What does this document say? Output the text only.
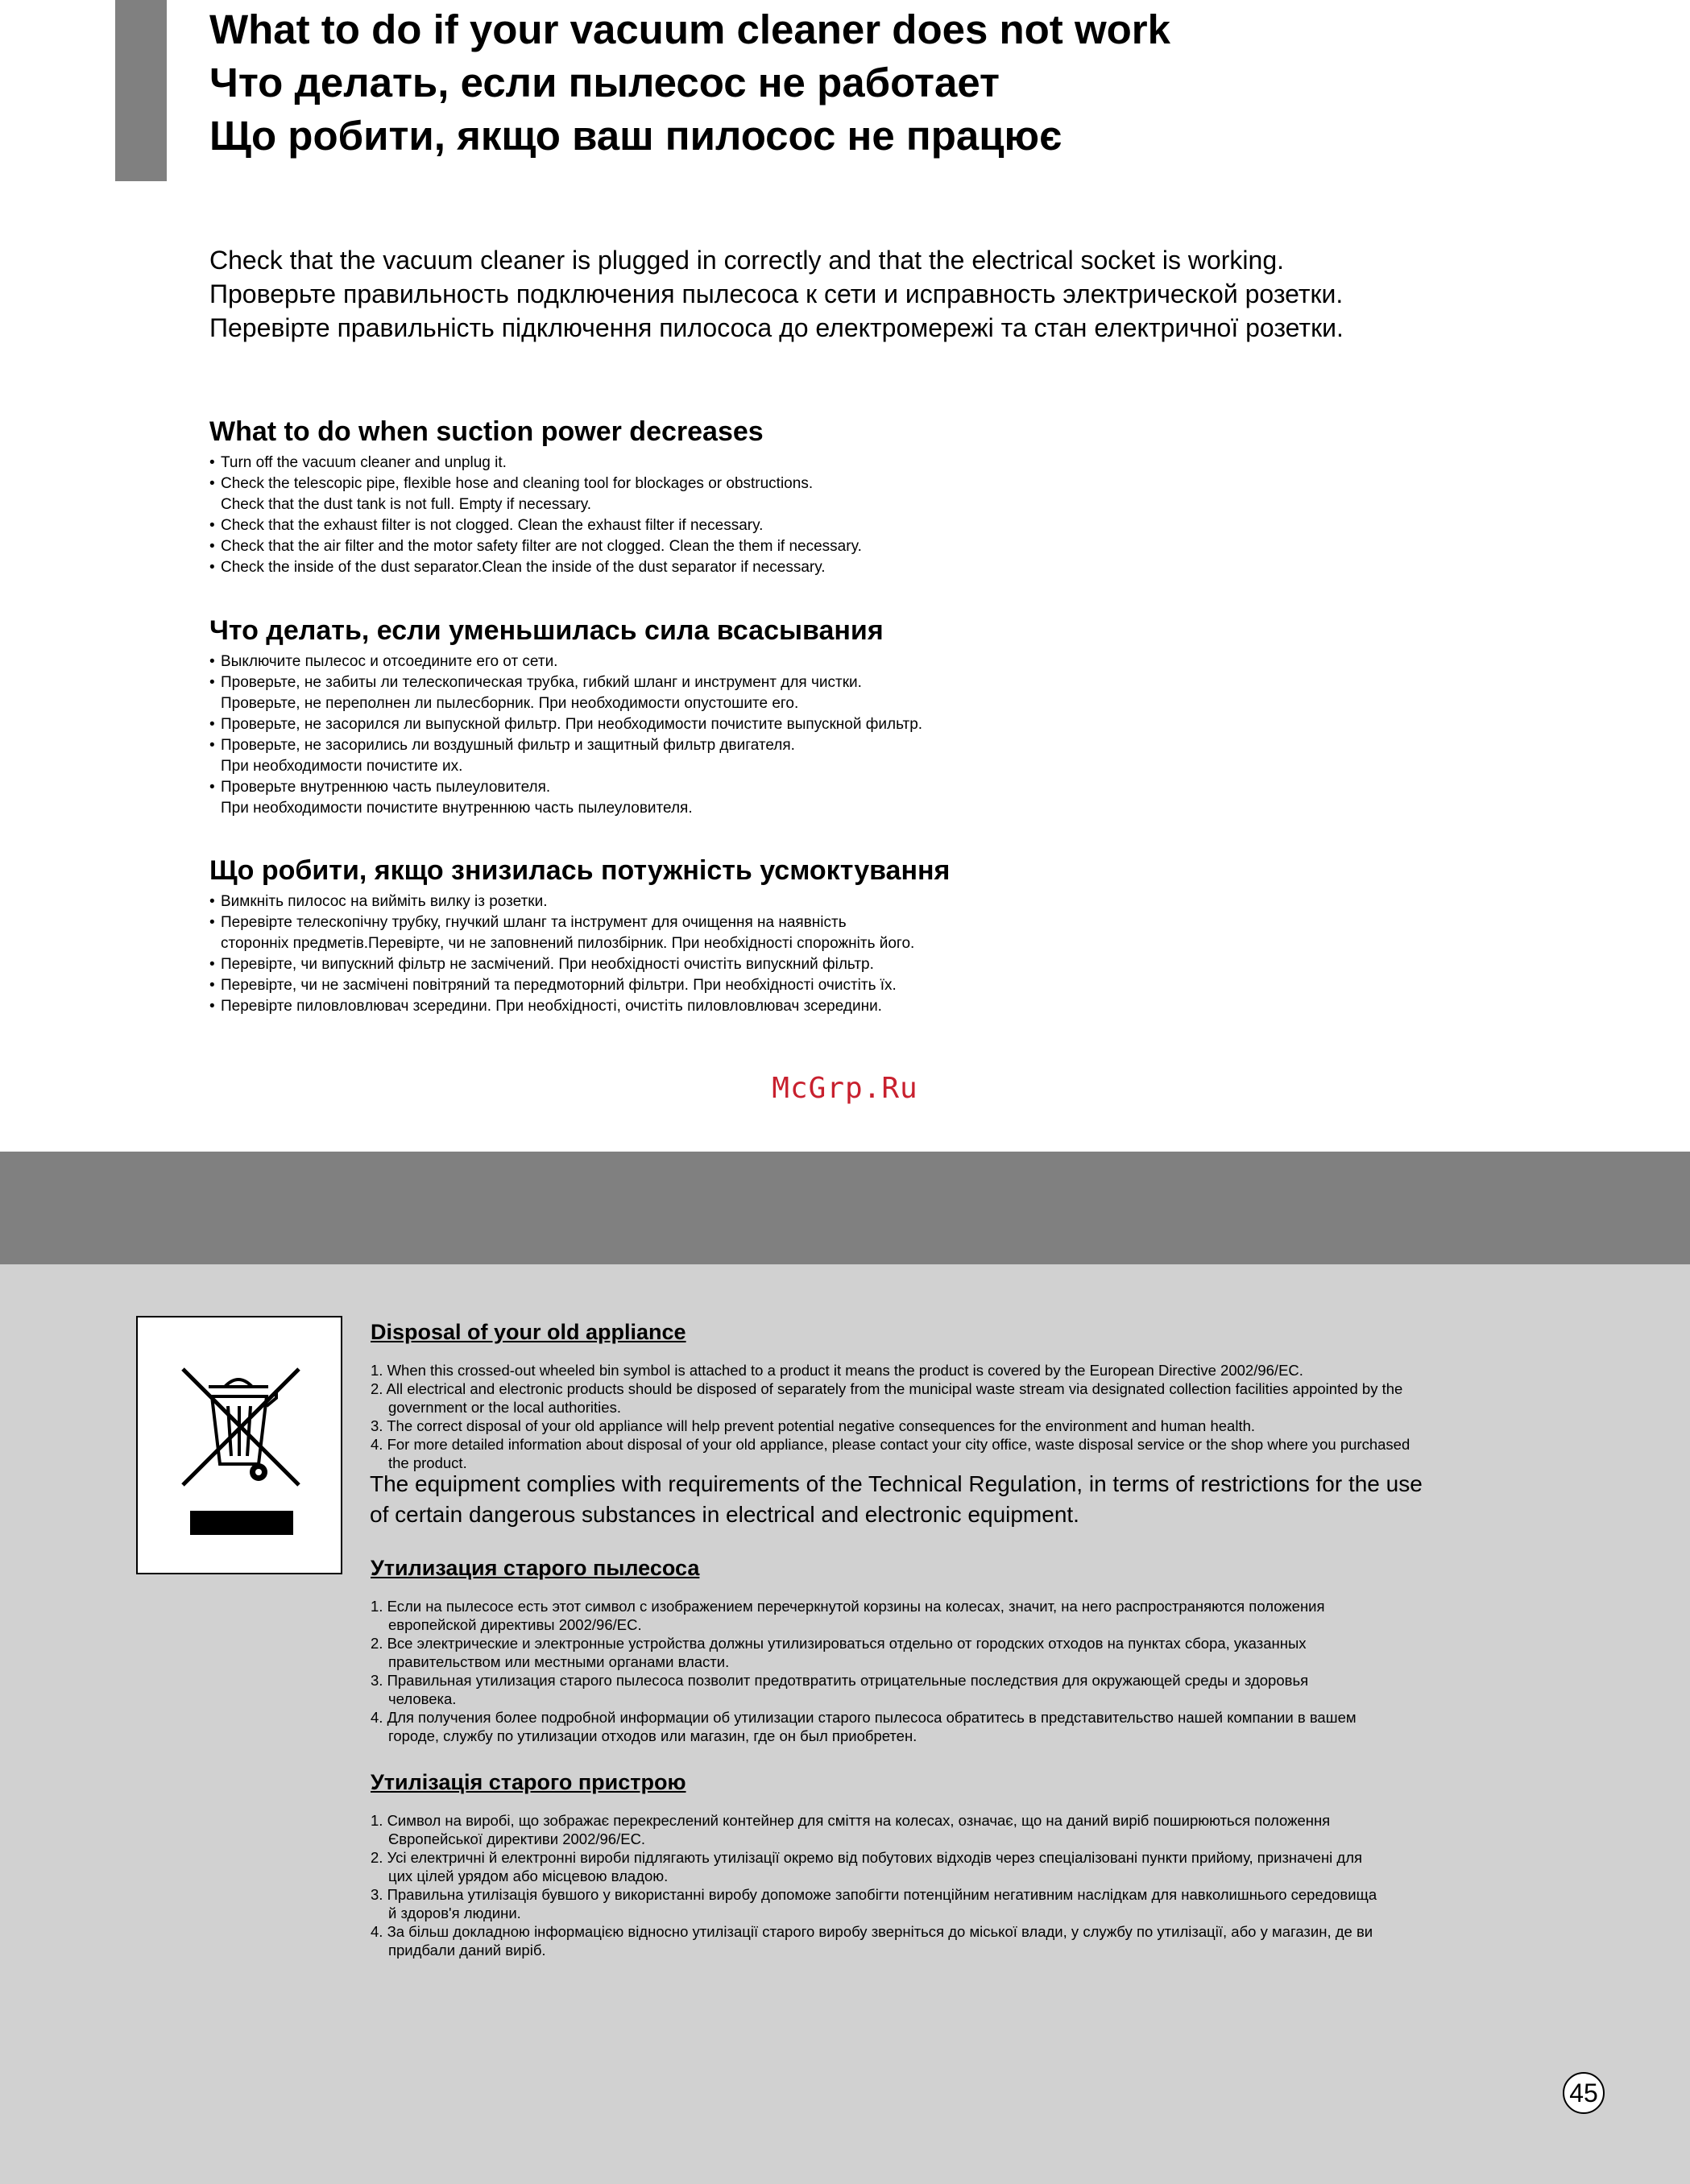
What to do if your vacuum cleaner does not work
Что делать, если пылесос не работает
Що робити, якщо ваш пилосос не працює
Check that the vacuum cleaner is plugged in correctly and that the electrical socket is working.
Проверьте правильность подключения пылесоса к сети и исправность электрической розетки.
Перевірте правильність підключення пилососа до електромережі та стан електричної розетки.
What to do when suction power decreases
• Turn off the vacuum cleaner and unplug it.
• Check the telescopic pipe, flexible hose and cleaning tool for blockages or obstructions.
Check that the dust tank is not full. Empty if necessary.
• Check that the exhaust filter is not clogged. Clean the exhaust filter if necessary.
• Check that the air filter and the motor safety filter are not clogged. Clean the them if necessary.
• Check the inside of the dust separator.Clean the inside of the dust separator if necessary.
Что делать, если уменьшилась сила всасывания
• Выключите пылесос и отсоедините его от сети.
• Проверьте, не забиты ли телескопическая трубка, гибкий шланг и инструмент для чистки.
Проверьте, не переполнен ли пылесборник. При необходимости опустошите его.
• Проверьте, не засорился ли выпускной фильтр. При необходимости почистите выпускной фильтр.
• Проверьте, не засорились ли воздушный фильтр и защитный фильтр двигателя.
При необходимости почистите их.
• Проверьте внутреннюю часть пылеуловителя.
При необходимости почистите внутреннюю часть пылеуловителя.
Що робити, якщо знизилась потужність усмоктування
• Вимкніть пилосос на вийміть вилку із розетки.
• Перевірте телескопічну трубку, гнучкий шланг та інструмент для очищення на наявність
сторонніх предметів.Перевірте, чи не заповнений пилозбірник. При необхідності спорожніть його.
• Перевірте, чи випускний фільтр не засмічений. При необхідності очистіть випускний фільтр.
• Перевірте, чи не засмічені повітряний та передмоторний фільтри. При необхідності очистіть їх.
• Перевірте пиловловлювач зсередини. При необхідності, очистіть пиловловлювач зсередини.
McGrp.Ru
Disposal of your old appliance
1. When this crossed-out wheeled bin symbol is attached to a product it means the product is covered by the European Directive 2002/96/EC.
2. All electrical and electronic products should be disposed of separately from the municipal waste stream via designated collection facilities appointed by the
government or the local authorities.
3. The correct disposal of your old appliance will help prevent potential negative consequences for the environment and human health.
4. For more detailed information about disposal of your old appliance, please contact your city office, waste disposal service or the shop where you purchased
the product.
The equipment complies with requirements of the Technical Regulation, in terms of restrictions for the use
of certain dangerous substances in electrical and electronic equipment.
Утилизация старого пылесоса
1. Если на пылесосе есть этот символ с изображением перечеркнутой корзины на колесах, значит, на него распространяются положения
европейской директивы 2002/96/EC.
2. Все электрические и электронные устройства должны утилизироваться отдельно от городских отходов на пунктах сбора, указанных
правительством или местными органами власти.
3. Правильная утилизация старого пылесоса позволит предотвратить отрицательные последствия для окружающей среды и здоровья
человека.
4. Для получения более подробной информации об утилизации старого пылесоса обратитесь в представительство нашей компании в вашем
городе, службу по утилизации отходов или магазин, где он был приобретен.
Утилізація старого пристрою
1. Символ на виробі, що зображає перекреслений контейнер для сміття на колесах, означає, що на даний виріб поширюються положення
Європейської директиви 2002/96/EC.
2. Усі електричні й електронні вироби підлягають утилізації окремо від побутових відходів через спеціалізовані пункти прийому, призначені для
цих цілей урядом або місцевою владою.
3. Правильна утилізація бувшого у використанні виробу допоможе запобігти потенційним негативним наслідкам для навколишнього середовища
й здоров'я людини.
4. За більш докладною інформацією відносно утилізації старого виробу зверніться до міської влади, у службу по утилізації, або у магазин, де ви
придбали даний виріб.
45
